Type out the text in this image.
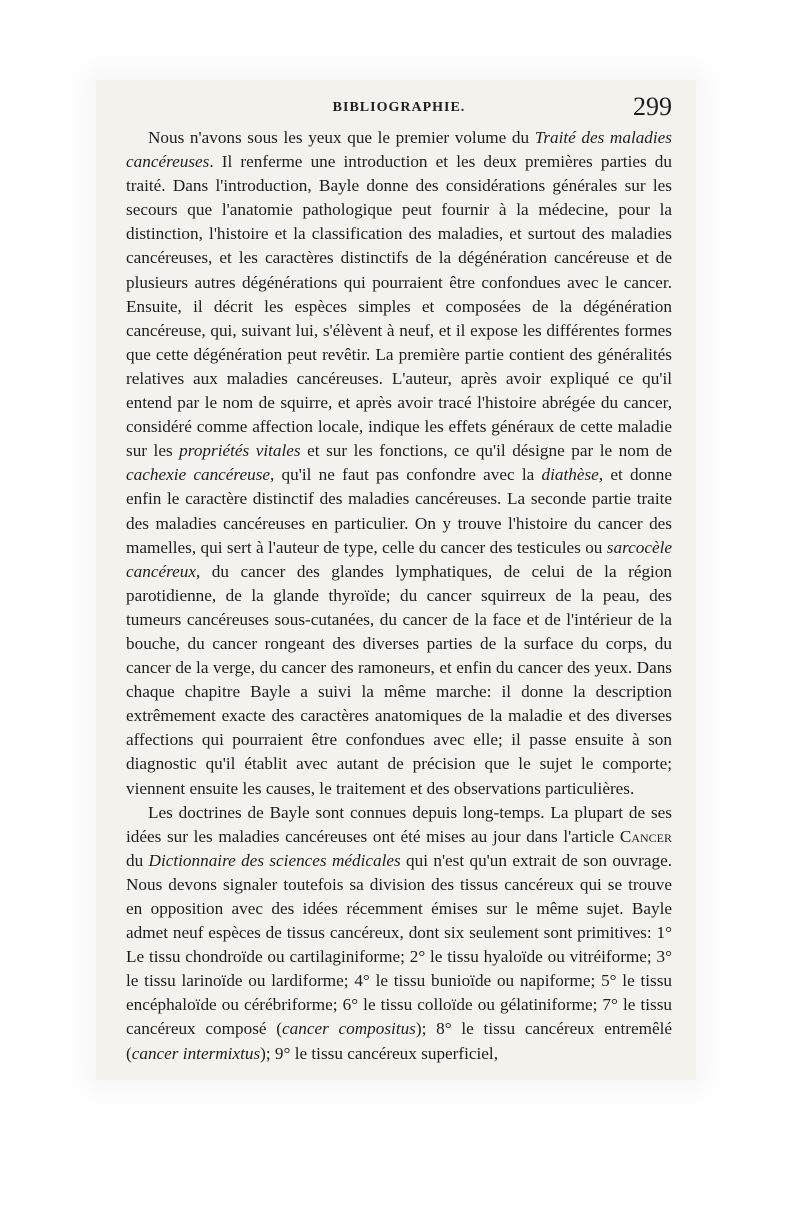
BIBLIOGRAPHIE.	299

Nous n'avons sous les yeux que le premier volume du Traité des maladies cancéreuses. Il renferme une introduction et les deux premières parties du traité. Dans l'introduction, Bayle donne des considérations générales sur les secours que l'anatomie pathologique peut fournir à la médecine, pour la distinction, l'histoire et la classification des maladies, et surtout des maladies cancéreuses, et les caractères distinctifs de la dégénération cancéreuse et de plusieurs autres dégénérations qui pourraient être confondues avec le cancer. Ensuite, il décrit les espèces simples et composées de la dégénération cancéreuse, qui, suivant lui, s'élèvent à neuf, et il expose les différentes formes que cette dégénération peut revêtir. La première partie contient des généralités relatives aux maladies cancéreuses. L'auteur, après avoir expliqué ce qu'il entend par le nom de squirre, et après avoir tracé l'histoire abrégée du cancer, considéré comme affection locale, indique les effets généraux de cette maladie sur les propriétés vitales et sur les fonctions, ce qu'il désigne par le nom de cachexie cancéreuse, qu'il ne faut pas confondre avec la diathèse, et donne enfin le caractère distinctif des maladies cancéreuses. La seconde partie traite des maladies cancéreuses en particulier. On y trouve l'histoire du cancer des mamelles, qui sert à l'auteur de type, celle du cancer des testicules ou sarcocèle cancéreux, du cancer des glandes lymphatiques, de celui de la région parotidienne, de la glande thyroïde; du cancer squirreux de la peau, des tumeurs cancéreuses sous-cutanées, du cancer de la face et de l'intérieur de la bouche, du cancer rongeant des diverses parties de la surface du corps, du cancer de la verge, du cancer des ramoneurs, et enfin du cancer des yeux. Dans chaque chapitre Bayle a suivi la même marche: il donne la description extrêmement exacte des caractères anatomiques de la maladie et des diverses affections qui pourraient être confondues avec elle; il passe ensuite à son diagnostic qu'il établit avec autant de précision que le sujet le comporte; viennent ensuite les causes, le traitement et des observations particulières.

Les doctrines de Bayle sont connues depuis long-temps. La plupart de ses idées sur les maladies cancéreuses ont été mises au jour dans l'article Cancer du Dictionnaire des sciences médicales qui n'est qu'un extrait de son ouvrage. Nous devons signaler toutefois sa division des tissus cancéreux qui se trouve en opposition avec des idées récemment émises sur le même sujet. Bayle admet neuf espèces de tissus cancéreux, dont six seulement sont primitives: 1° Le tissu chondroïde ou cartilaginiforme; 2° le tissu hyaloïde ou vitréiforme; 3° le tissu larinoïde ou lardiforme; 4° le tissu bunioïde ou napiforme; 5° le tissu encéphaloïde ou cérébriforme; 6° le tissu colloïde ou gélatiniforme; 7° le tissu cancéreux composé (cancer compositus); 8° le tissu cancéreux entremêlé (cancer intermixtus); 9° le tissu cancéreux superficiel,
